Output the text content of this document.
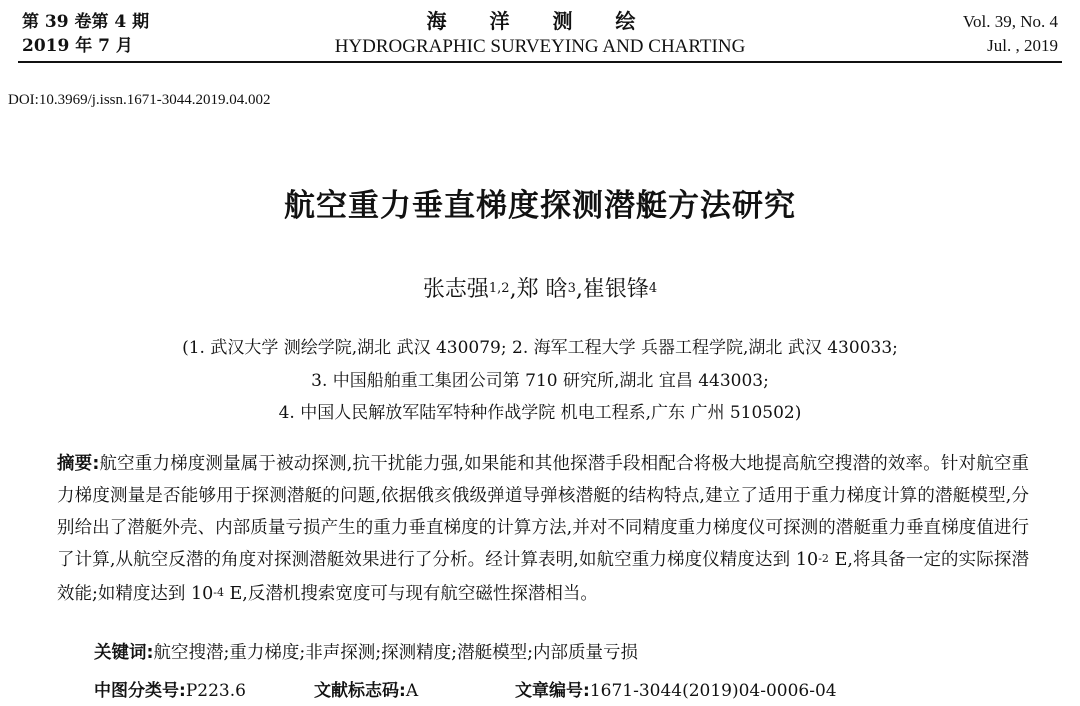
第 39 卷第 4 期
2019 年 7 月
海 洋 测 绘
HYDROGRAPHIC SURVEYING AND CHARTING
Vol. 39, No. 4
Jul. , 2019
DOI:10.3969/j.issn.1671-3044.2019.04.002
航空重力垂直梯度探测潜艇方法研究
张志强$^{1,2}$,郑 晗$^3$,崔银锋$^4$
(1. 武汉大学 测绘学院,湖北 武汉 430079; 2. 海军工程大学 兵器工程学院,湖北 武汉 430033;
3. 中国船舶重工集团公司第 710 研究所,湖北 宜昌 443003;
4. 中国人民解放军陆军特种作战学院 机电工程系,广东 广州 510502)
摘要:航空重力梯度测量属于被动探测,抗干扰能力强,如果能和其他探潜手段相配合将极大地提高航空搜潜的效率。针对航空重力梯度测量是否能够用于探测潜艇的问题,依据俄亥俄级弹道导弹核潜艇的结构特点,建立了适用于重力梯度计算的潜艇模型,分别给出了潜艇外壳、内部质量亏损产生的重力垂直梯度的计算方法,并对不同精度重力梯度仪可探测的潜艇重力垂直梯度值进行了计算,从航空反潜的角度对探测潜艇效果进行了分析。经计算表明,如航空重力梯度仪精度达到 $10^{-2}$ E,将具备一定的实际探潜效能;如精度达到 $10^{-4}$ E,反潜机搜索宽度可与现有航空磁性探潜相当。
关键词:航空搜潜;重力梯度;非声探测;探测精度;潜艇模型;内部质量亏损
中图分类号:P223.6	文献标志码:A	文章编号:1671-3044(2019)04-0006-04
